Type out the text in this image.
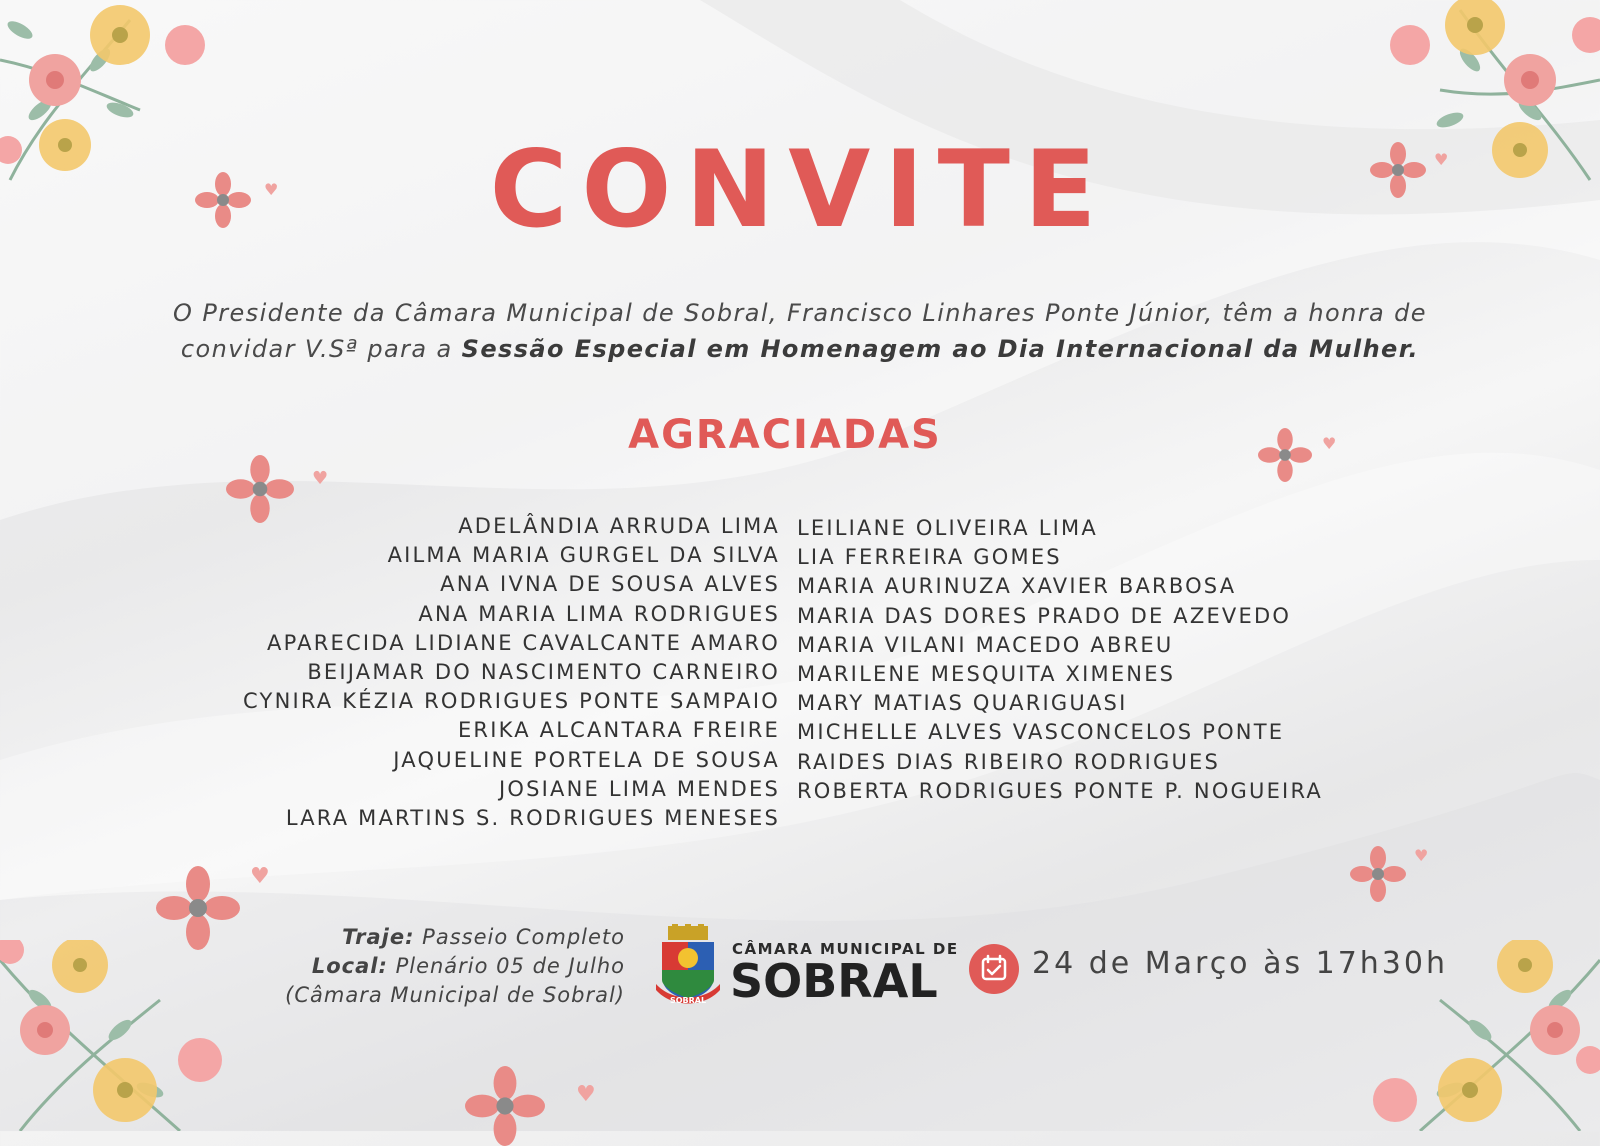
♥
♥
♥
♥
♥
♥
♥
CONVITE
O Presidente da Câmara Municipal de Sobral, Francisco Linhares Ponte Júnior, têm a honra de
convidar V.Sª para a Sessão Especial em Homenagem ao Dia Internacional da Mulher.
AGRACIADAS
ADELÂNDIA ARRUDA LIMA
AILMA MARIA GURGEL DA SILVA
ANA IVNA DE SOUSA ALVES
ANA MARIA LIMA RODRIGUES
APARECIDA LIDIANE CAVALCANTE AMARO
BEIJAMAR DO NASCIMENTO CARNEIRO
CYNIRA KÉZIA RODRIGUES PONTE SAMPAIO
ERIKA ALCANTARA FREIRE
JAQUELINE PORTELA DE SOUSA
JOSIANE LIMA MENDES
LARA MARTINS S. RODRIGUES MENESES
LEILIANE OLIVEIRA LIMA
LIA FERREIRA GOMES
MARIA AURINUZA XAVIER BARBOSA
MARIA DAS DORES PRADO DE AZEVEDO
MARIA VILANI MACEDO ABREU
MARILENE MESQUITA XIMENES
MARY MATIAS QUARIGUASI
MICHELLE ALVES VASCONCELOS PONTE
RAIDES DIAS RIBEIRO RODRIGUES
ROBERTA RODRIGUES PONTE P. NOGUEIRA
Traje: Passeio Completo
Local: Plenário 05 de Julho
(Câmara Municipal de Sobral)	SOBRAL
CÂMARA MUNICIPAL DE
SOBRAL	24 de Março às 17h30h
